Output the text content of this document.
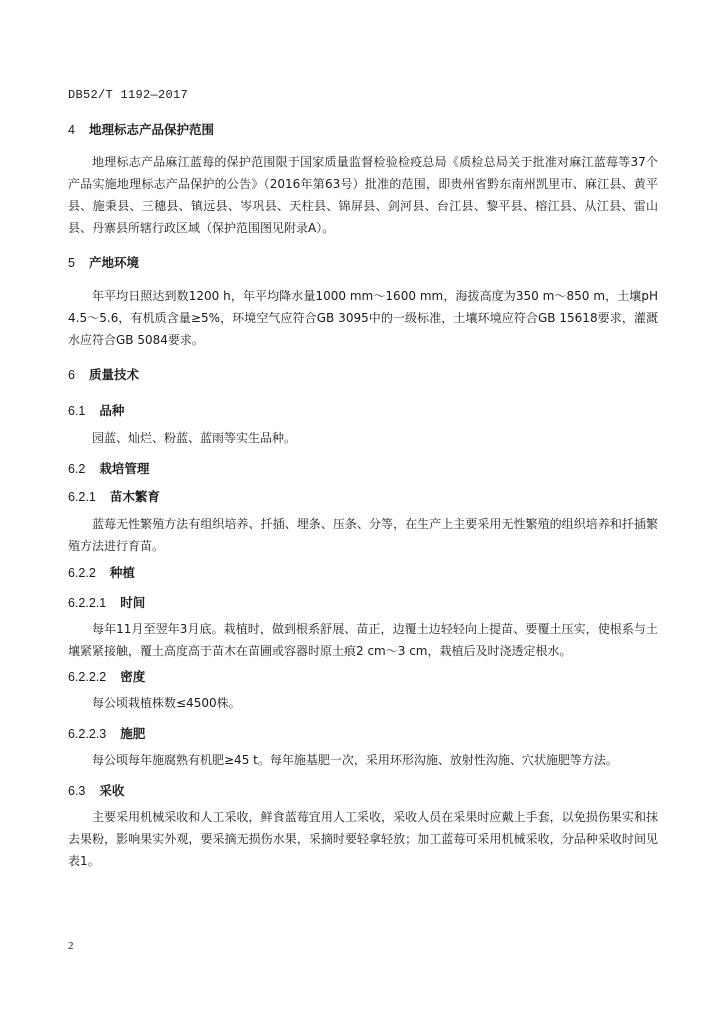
DB52/T 1192—2017
4 地理标志产品保护范围

地理标志产品麻江蓝莓的保护范围限于国家质量监督检验检疫总局《质检总局关于批准对麻江蓝莓等37个产品实施地理标志产品保护的公告》（2016年第63号）批准的范围，即贵州省黔东南州凯里市、麻江县、黄平县、施秉县、三穗县、镇远县、岑巩县、天柱县、锦屏县、剑河县、台江县、黎平县、榕江县、从江县、雷山县、丹寨县所辖行政区域（保护范围图见附录A）。

5 产地环境

年平均日照达到数1200 h，年平均降水量1000 mm～1600 mm，海拔高度为350 m～850 m，土壤pH 4.5～5.6，有机质含量≥5%，环境空气应符合GB 3095中的一级标准，土壤环境应符合GB 15618要求，灌溉水应符合GB 5084要求。

6 质量技术
6.1 品种

园蓝、灿烂、粉蓝、蓝雨等实生品种。

6.2 栽培管理
6.2.1 苗木繁育

蓝莓无性繁殖方法有组织培养、扦插、埋条、压条、分等，在生产上主要采用无性繁殖的组织培养和扦插繁殖方法进行育苗。

6.2.2 种植
6.2.2.1 时间

每年11月至翌年3月底。栽植时，做到根系舒展、苗正，边覆土边轻轻向上提苗、要覆土压实，使根系与土壤紧紧接触，覆土高度高于苗木在苗圃或容器时原土痕2 cm～3 cm，栽植后及时浇透定根水。

6.2.2.2 密度

每公顷栽植株数≤4500株。

6.2.2.3 施肥

每公顷每年施腐熟有机肥≥45 t。每年施基肥一次，采用环形沟施、放射性沟施、穴状施肥等方法。

6.3 采收

主要采用机械采收和人工采收，鲜食蓝莓宜用人工采收，采收人员在采果时应戴上手套，以免损伤果实和抹去果粉，影响果实外观，要采摘无损伤水果，采摘时要轻拿轻放；加工蓝莓可采用机械采收，分品种采收时间见表1。

2
